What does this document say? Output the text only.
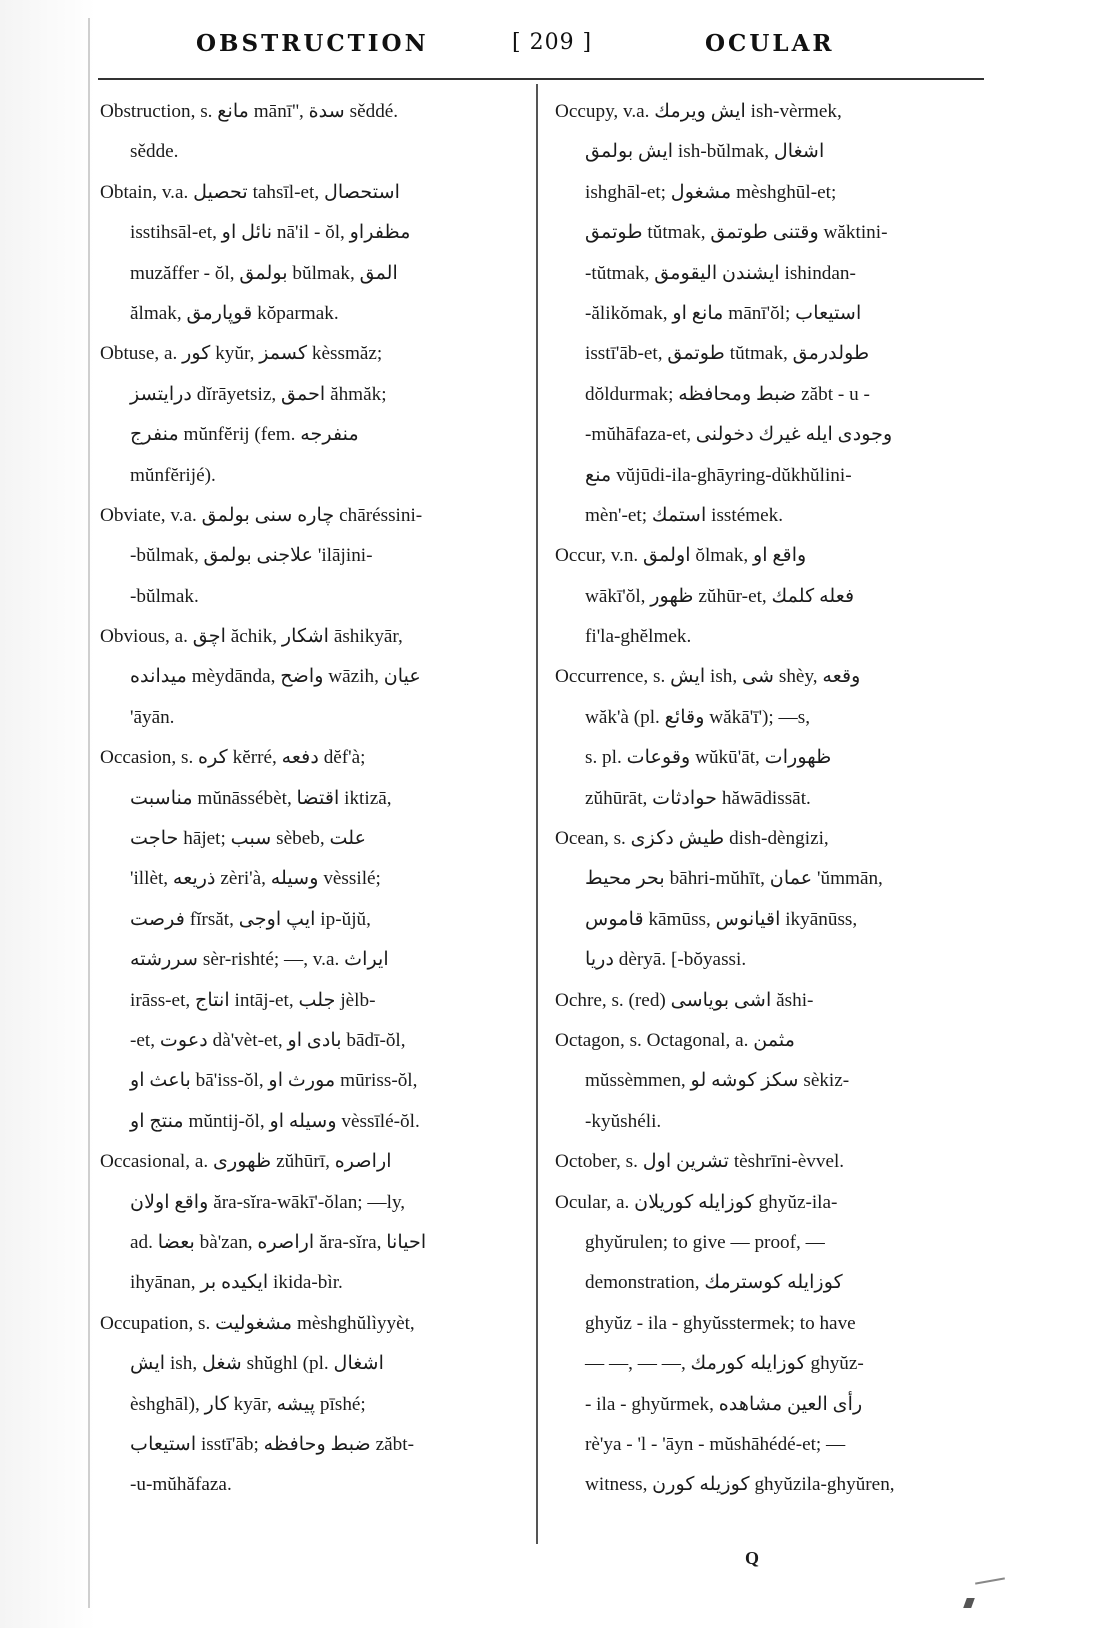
OBSTRUCTION	[ 209 ]	OCULAR
Obstruction, s. مانع mānī'', سدة sěddé.
sědde.
Obtain, v.a. تحصيل tahsīl-et, استحصال
isstihsāl-et, نائل او nā'il - ŏl, مظفراو
muzăffer - ŏl, بولمق bŭlmak, المق
ălmak, قوپارمق kŏparmak.
Obtuse, a. كور kyŭr, كسمز kèssmăz;
درايتسز dĭrāyetsiz, احمق ăhmăk;
منفرج mŭnfĕrij (fem. منفرجه
mŭnfĕrijé).
Obviate, v.a. چاره سنى بولمق chāréssini-
-bŭlmak, علاجنى بولمق 'ilājini-
-bŭlmak.
Obvious, a. اچق ăchik, اشكار āshikyār,
ميدانده mèydānda, واضح wāzih, عيان
'āyān.
Occasion, s. كره kĕrré, دفعه dĕf'à;
مناسبت mŭnāssébèt, اقتضا iktizā,
حاجت hājet; سبب sèbeb, علت
'illèt, ذريعه zèri'à, وسيله vèssilé;
فرصت fĭrsăt, ايپ اوجى ip-ŭjŭ,
سررشته sèr-rishté; —, v.a. ايراث
irāss-et, انتاج intāj-et, جلب jèlb-
-et, دعوت dà'vèt-et, بادى او bādī-ŏl,
باعث او bā'iss-ŏl, مورث او mūriss-ŏl,
منتج او mŭntij-ŏl, وسيله او vèssīlé-ŏl.
Occasional, a. ظهورى zŭhūrī, اراصره
واقع اولان ăra-sĭra-wākī'-ŏlan; —ly,
ad. بعضا bà'zan, اراصره ăra-sĭra, احيانا
ihyānan, ايكيده بر ikida-bìr.
Occupation, s. مشغوليت mèshghŭlìyyèt,
ايش ish, شغل shŭghl (pl. اشغال
èshghāl), كار kyār, پيشه pīshé;
استيعاب isstī'āb; ضبط وحافظه zăbt-
-u-mŭhăfaza.
Occupy, v.a. ايش ويرمك ish-vèrmek,
ايش بولمق ish-bŭlmak, اشغال
ishghāl-et; مشغول mèshghūl-et;
طوتمق tŭtmak, وقتنى طوتمق wăktini-
-tŭtmak, ايشندن اليقومق ishindan-
-ălikŏmak, مانع او mānī'ŏl; استيعاب
isstī'āb-et, طوتمق tŭtmak, طولدرمق
dŏldurmak; ضبط ومحافظه zăbt - u -
-mŭhāfaza-et, وجودى ايله غيرك دخولنى
منع vŭjūdi-ila-ghāyring-dŭkhŭlini-
mèn'-et; استمك isstémek.
Occur, v.n. اولمق ŏlmak, واقع او
wākī'ŏl, ظهور zŭhūr-et, فعله كلمك
fi'la-ghĕlmek.
Occurrence, s. ايش ish, شى shèy, وقعه
wăk'à (pl. وقائع wăkā'ī'); —s,
s. pl. وقوعات wŭkū'āt, ظهورات
zŭhūrāt, حوادثات hăwādissāt.
Ocean, s. طيش دكزى dish-dèngizi,
بحر محيط bāhri-mŭhīt, عمان 'ŭmmān,
قاموس kāmūss, اقيانوس ikyānūss,
دريا dèryā. [-bŏyassi.
Ochre, s. (red) اشى بوياسى ăshi-
Octagon, s. Octagonal, a. مثمن
mŭssèmmen, سكز كوشه لو sèkiz-
-kyŭshéli.
October, s. تشرين اول tèshrīni-èvvel.
Ocular, a. كوزايله كوريلان ghyŭz-ila-
ghyŭrulen; to give — proof, —
demonstration, كوزايله كوسترمك
ghyŭz - ila - ghyŭsstermek; to have
— —, — —, كوزايله كورمك ghyŭz-
- ila - ghyŭrmek, رأى العين مشاهده
rè'ya - 'l - 'āyn - mŭshāhédé-et; —
witness, كوزيله كورن ghyŭzila-ghyŭren,
Q
